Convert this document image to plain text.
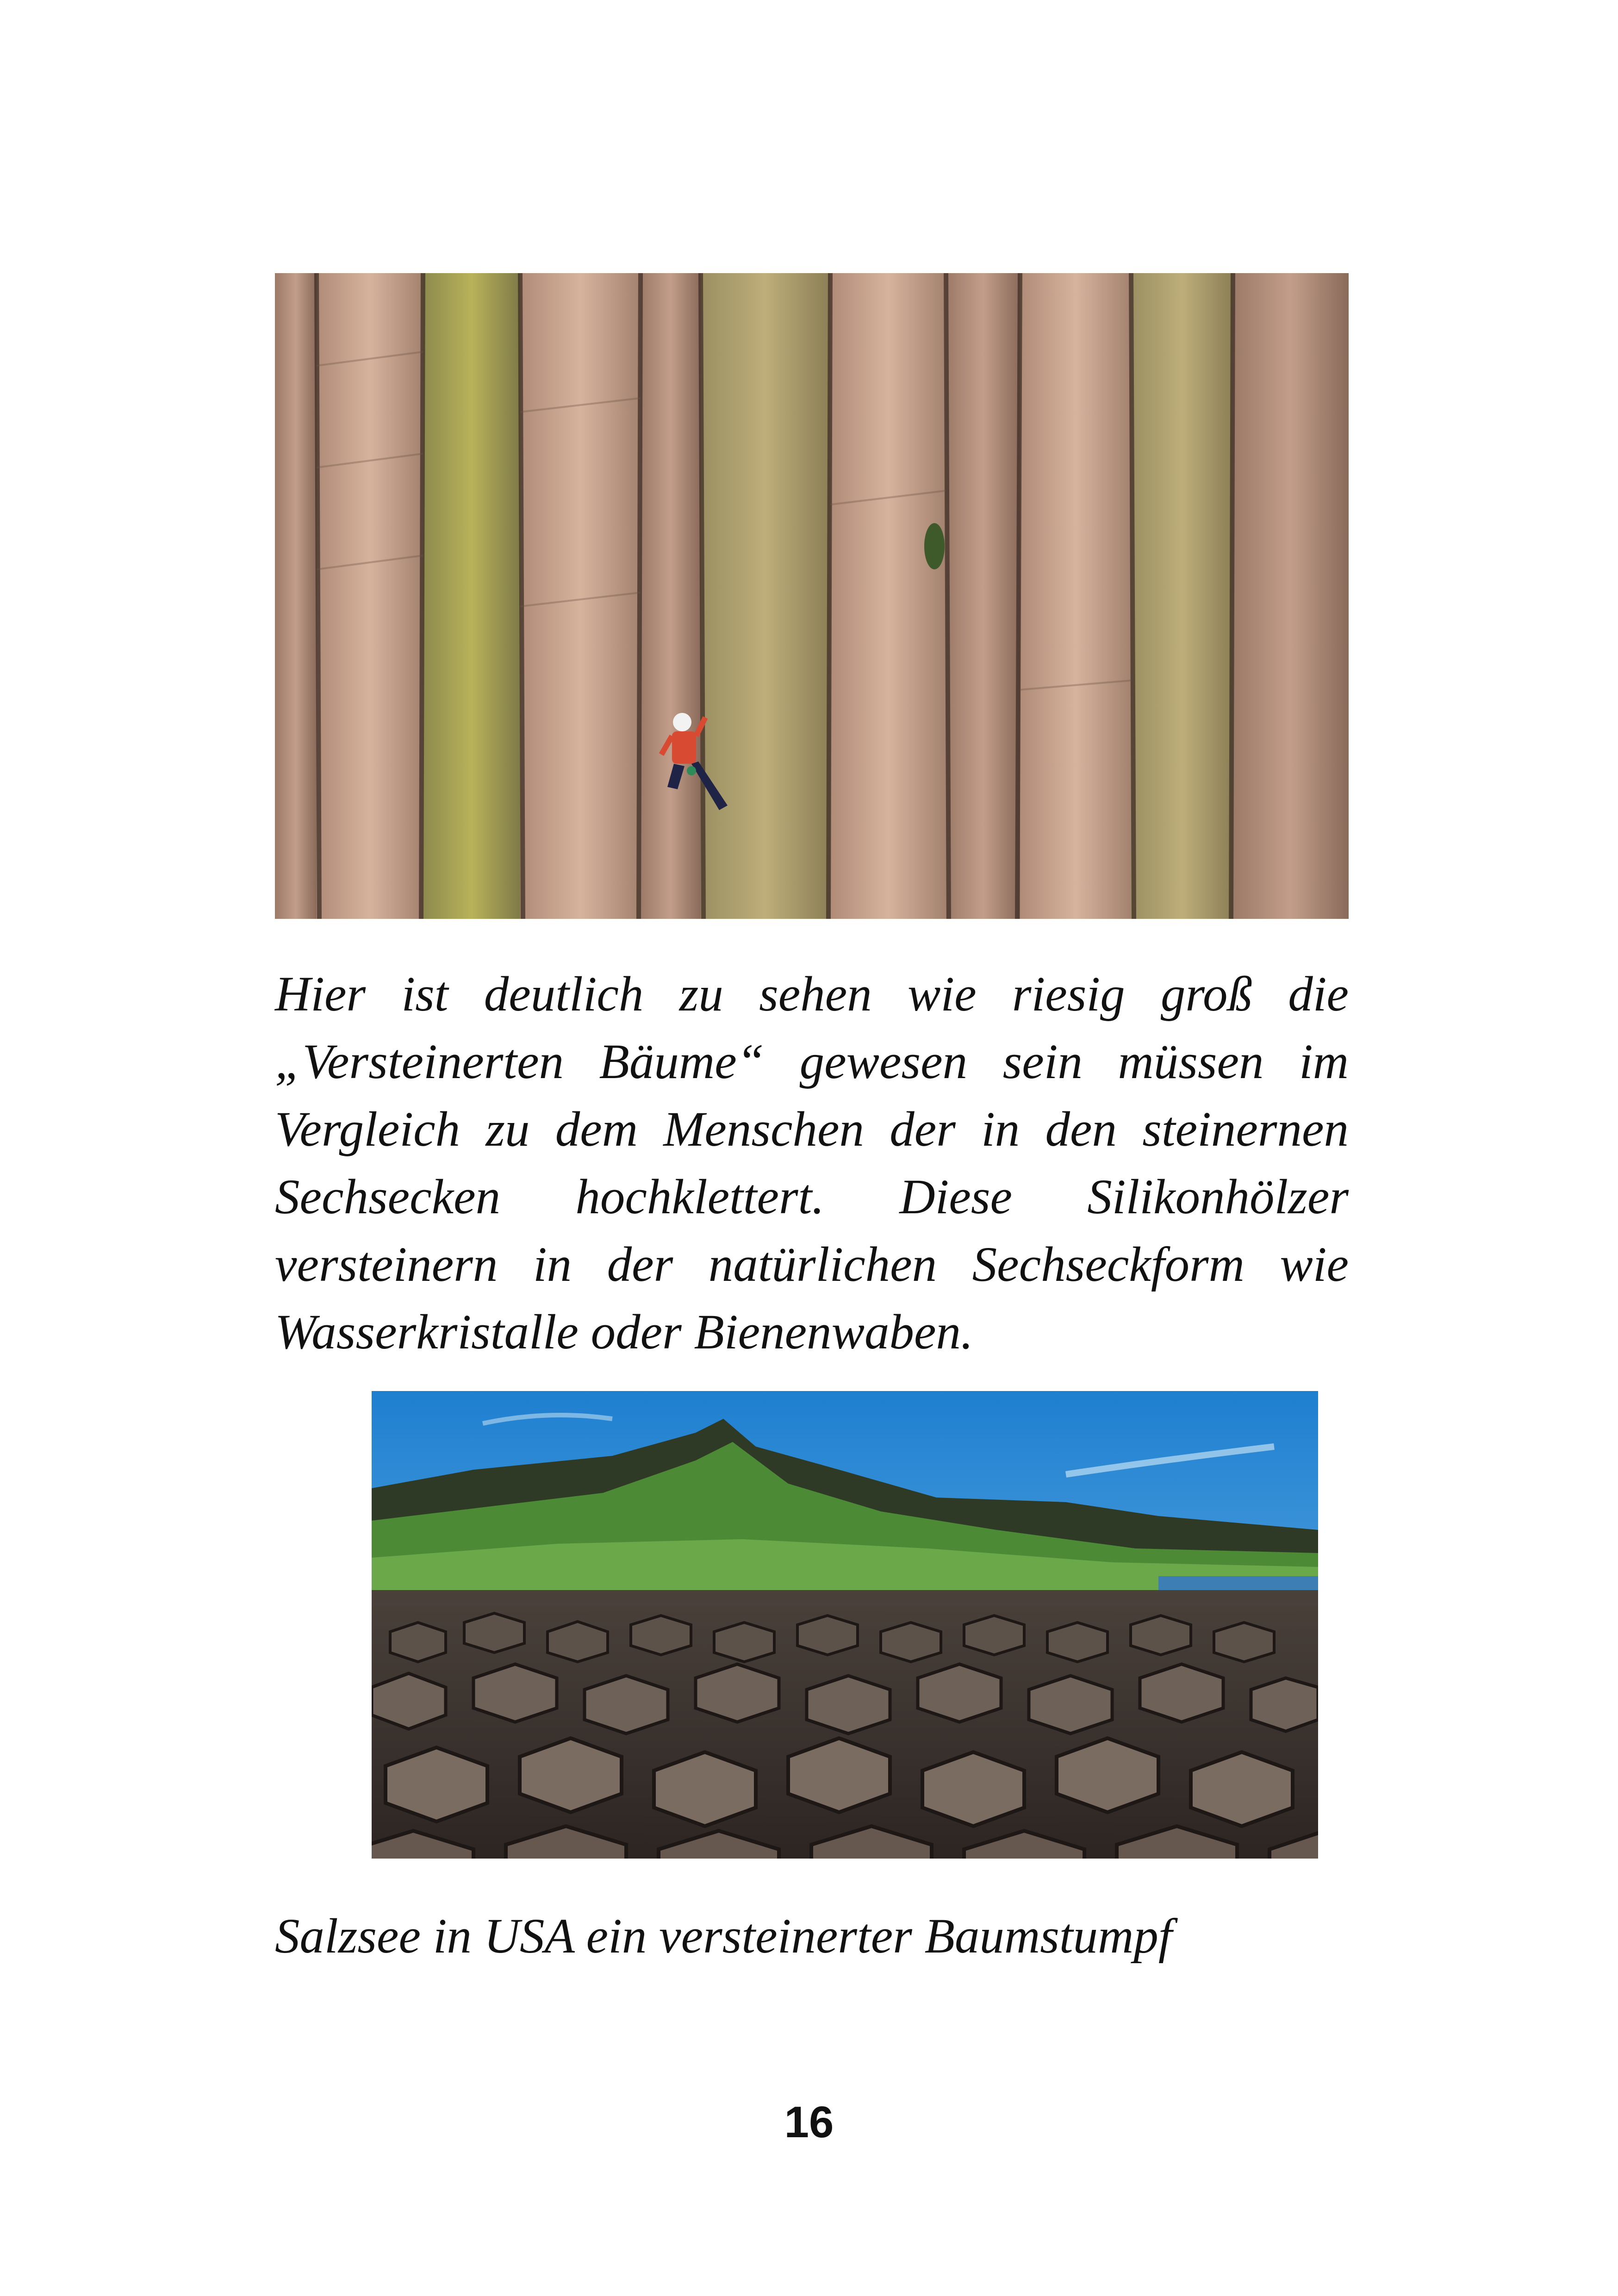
Hier ist deutlich zu sehen wie riesig groß die
„Versteinerten Bäume“ gewesen sein müssen im
Vergleich zu dem Menschen der in den steinernen
Sechsecken hochklettert. Diese Silikonhölzer
versteinern in der natürlichen Sechseckform wie
Wasserkristalle oder Bienenwaben.

Salzsee in USA ein versteinerter Baumstumpf

16
